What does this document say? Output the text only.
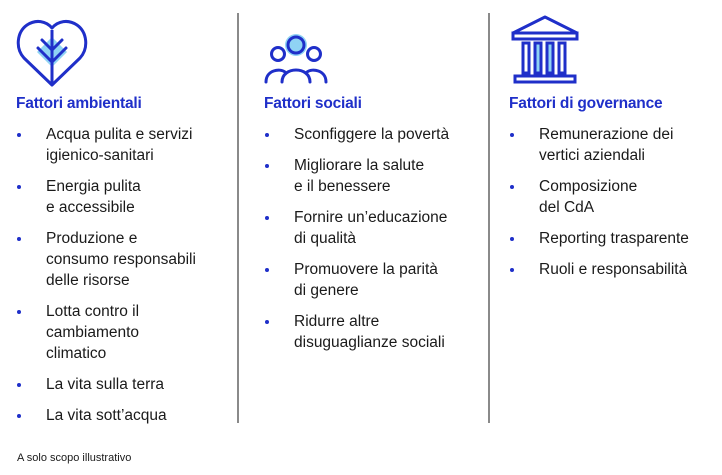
Fattori ambientali
Acqua pulita e servizi
igienico-sanitari
Energia pulita
e accessibile
Produzione e
consumo responsabili
delle risorse
Lotta contro il
cambiamento
climatico
La vita sulla terra
La vita sott’acqua
Fattori sociali
Sconfiggere la povertà
Migliorare la salute
e il benessere
Fornire un’educazione
di qualità
Promuovere la parità
di genere
Ridurre altre
disuguaglianze sociali
Fattori di governance
Remunerazione dei
vertici aziendali
Composizione
del CdA
Reporting trasparente
Ruoli e responsabilità
A solo scopo illustrativo
